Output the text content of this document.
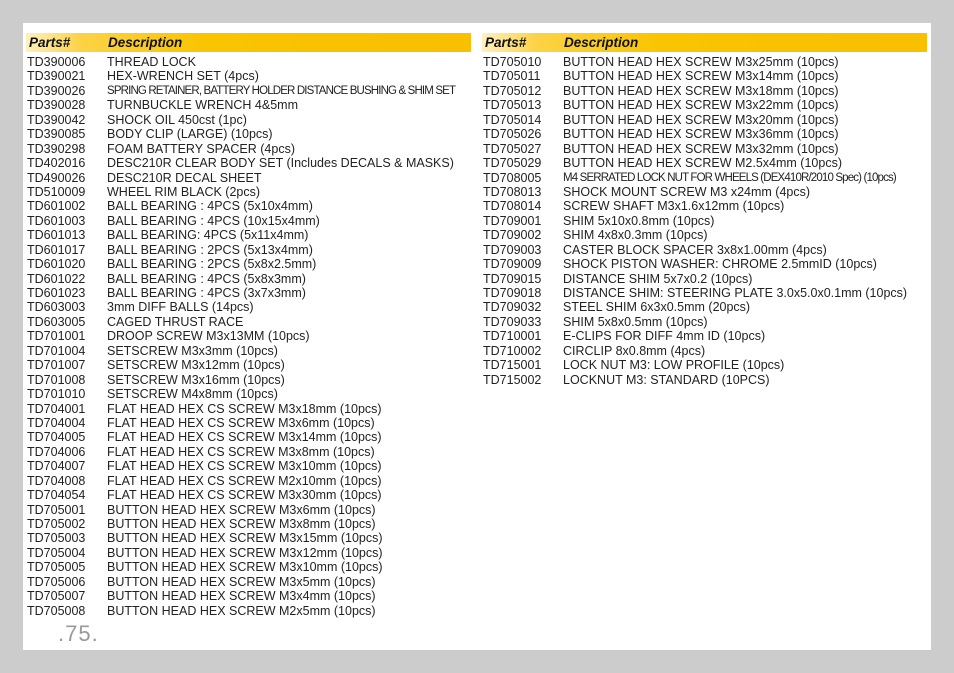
Parts#	Description
TD390006 THREAD LOCK
TD390021 HEX-WRENCH SET (4pcs)
TD390026 SPRING RETAINER, BATTERY HOLDER DISTANCE BUSHING & SHIM SET
TD390028 TURNBUCKLE WRENCH 4&5mm
TD390042 SHOCK OIL 450cst (1pc)
TD390085 BODY CLIP (LARGE) (10pcs)
TD390298 FOAM BATTERY SPACER (4pcs)
TD402016 DESC210R CLEAR BODY SET (Includes DECALS & MASKS)
TD490026 DESC210R DECAL SHEET
TD510009 WHEEL RIM BLACK (2pcs)
TD601002 BALL BEARING : 4PCS (5x10x4mm)
TD601003 BALL BEARING : 4PCS (10x15x4mm)
TD601013 BALL BEARING: 4PCS (5x11x4mm)
TD601017 BALL BEARING : 2PCS (5x13x4mm)
TD601020 BALL BEARING : 2PCS (5x8x2.5mm)
TD601022 BALL BEARING : 4PCS (5x8x3mm)
TD601023 BALL BEARING : 4PCS (3x7x3mm)
TD603003 3mm DIFF BALLS (14pcs)
TD603005 CAGED THRUST RACE
TD701001 DROOP SCREW M3x13MM (10pcs)
TD701004 SETSCREW M3x3mm (10pcs)
TD701007 SETSCREW M3x12mm (10pcs)
TD701008 SETSCREW M3x16mm (10pcs)
TD701010 SETSCREW M4x8mm (10pcs)
TD704001 FLAT HEAD HEX CS SCREW M3x18mm (10pcs)
TD704004 FLAT HEAD HEX CS SCREW M3x6mm (10pcs)
TD704005 FLAT HEAD HEX CS SCREW M3x14mm (10pcs)
TD704006 FLAT HEAD HEX CS SCREW M3x8mm (10pcs)
TD704007 FLAT HEAD HEX CS SCREW M3x10mm (10pcs)
TD704008 FLAT HEAD HEX CS SCREW M2x10mm (10pcs)
TD704054 FLAT HEAD HEX CS SCREW M3x30mm (10pcs)
TD705001 BUTTON HEAD HEX SCREW M3x6mm (10pcs)
TD705002 BUTTON HEAD HEX SCREW M3x8mm (10pcs)
TD705003 BUTTON HEAD HEX SCREW M3x15mm (10pcs)
TD705004 BUTTON HEAD HEX SCREW M3x12mm (10pcs)
TD705005 BUTTON HEAD HEX SCREW M3x10mm (10pcs)
TD705006 BUTTON HEAD HEX SCREW M3x5mm (10pcs)
TD705007 BUTTON HEAD HEX SCREW M3x4mm (10pcs)
TD705008 BUTTON HEAD HEX SCREW M2x5mm (10pcs)
Parts#	Description
TD705010 BUTTON HEAD HEX SCREW M3x25mm (10pcs)
TD705011 BUTTON HEAD HEX SCREW M3x14mm (10pcs)
TD705012 BUTTON HEAD HEX SCREW M3x18mm (10pcs)
TD705013 BUTTON HEAD HEX SCREW M3x22mm (10pcs)
TD705014 BUTTON HEAD HEX SCREW M3x20mm (10pcs)
TD705026 BUTTON HEAD HEX SCREW M3x36mm (10pcs)
TD705027 BUTTON HEAD HEX SCREW M3x32mm (10pcs)
TD705029 BUTTON HEAD HEX SCREW M2.5x4mm (10pcs)
TD708005 M4 SERRATED LOCK NUT FOR WHEELS (DEX410R/2010 Spec) (10pcs)
TD708013 SHOCK MOUNT SCREW M3 x24mm (4pcs)
TD708014 SCREW SHAFT M3x1.6x12mm (10pcs)
TD709001 SHIM 5x10x0.8mm (10pcs)
TD709002 SHIM 4x8x0.3mm (10pcs)
TD709003 CASTER BLOCK SPACER 3x8x1.00mm (4pcs)
TD709009 SHOCK PISTON WASHER: CHROME 2.5mmID (10pcs)
TD709015 DISTANCE SHIM 5x7x0.2 (10pcs)
TD709018 DISTANCE SHIM: STEERING PLATE 3.0x5.0x0.1mm (10pcs)
TD709032 STEEL SHIM 6x3x0.5mm (20pcs)
TD709033 SHIM 5x8x0.5mm (10pcs)
TD710001 E-CLIPS FOR DIFF 4mm ID (10pcs)
TD710002 CIRCLIP 8x0.8mm (4pcs)
TD715001 LOCK NUT M3: LOW PROFILE (10pcs)
TD715002 LOCKNUT M3: STANDARD (10PCS)
.75.
